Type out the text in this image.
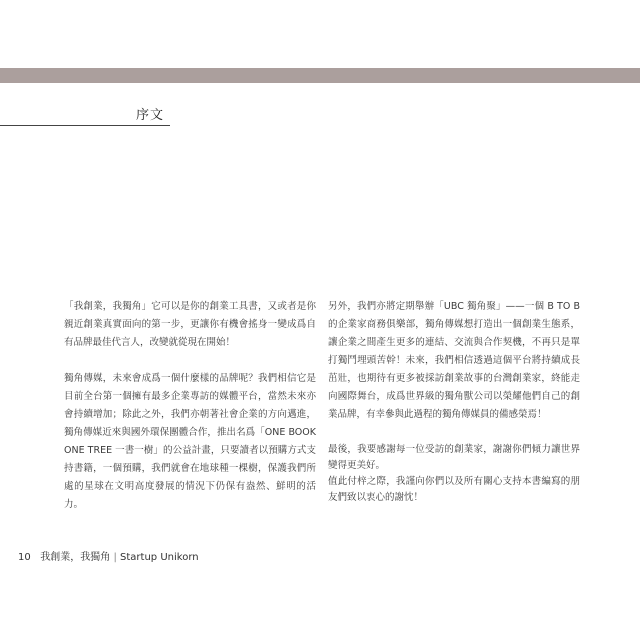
序文

「我創業，我獨角」它可以是你的創業工具書，又或者是你親近創業真實面向的第一步，更讓你有機會搖身一變成爲自有品牌最佳代言人，改變就從現在開始！

獨角傳媒，未來會成爲一個什麼樣的品牌呢？我們相信它是目前全台第一個擁有最多企業專訪的媒體平台，當然未來亦會持續增加；除此之外，我們亦朝著社會企業的方向邁進，獨角傳媒近來與國外環保團體合作，推出名爲「ONE BOOK ONE TREE 一書一樹」的公益計畫，只要讀者以預購方式支持書籍，一個預購，我們就會在地球種一棵樹，保護我們所處的星球在文明高度發展的情況下仍保有盎然、鮮明的活力。

另外，我們亦將定期舉辦「UBC 獨角聚」——一個 B TO B 的企業家商務俱樂部，獨角傳媒想打造出一個創業生態系，讓企業之間產生更多的連結、交流與合作契機，不再只是單打獨鬥埋頭苦幹！未來，我們相信透過這個平台將持續成長茁壯，也期待有更多被採訪創業故事的台灣創業家，終能走向國際舞台，成爲世界級的獨角獸公司以榮耀他們自己的創業品牌，有幸參與此過程的獨角傳媒員的備感榮焉！

最後，我要感謝每一位受訪的創業家，謝謝你們傾力讓世界變得更美好。

值此付梓之際，我謹向你們以及所有關心支持本書編寫的朋友們致以衷心的謝忱！

10 我創業，我獨角 | Startup Unikorn
